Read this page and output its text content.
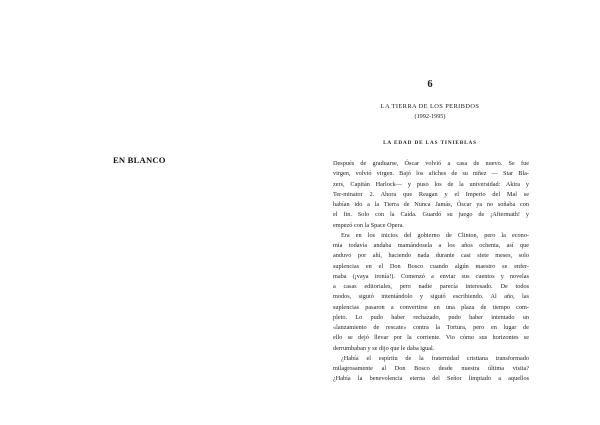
EN BLANCO
6
LA TIERRA DE LOS PERIBDOS
(1992-1995)
LA EDAD DE LAS TINIEBLAS
Después de graduarse, Óscar volvió a casa de nuevo. Se fue
virgen, volvió virgen. Bajó los afiches de su niñez — Star Bla-
zers, Capitán Harlock— y puso los de la universidad: Akira y
Ter-minator 2. Ahora que Reagan y el Imperio del Mal se
habían ido a la Tierra de Nunca Jamás, Óscar ya no soñaba con
el fin. Solo con la Caída. Guardó su juego de ¡Aftermath! y
empezó con la Space Opera.
Era en los inicios del gobierno de Clinton, pero la econo-
mía todavía andaba mamándosela a los años ochenta, así que
anduvo por ahí, haciendo nada durante casi siete meses, solo
suplencias en el Don Bosco cuando algún maestro se enfer-
maba (¡vaya ironía!). Comenzó a enviar sus cuentos y novelas
a casas editoriales, pero nadie parecía interesado. De todos
modos, siguió intentándolo y siguió escribiendo. Al año, las
suplencias pasaron a convertirse en una plaza de tiempo com-
pleto. Lo pudo haber rechazado, pudo haber intentado un
«lanzamiento de rescate» contra la Tortura, pero en lugar de
ello se dejó llevar por la corriente. Vio cómo sus horizontes se
derrumbaban y se dijo que le daba igual.
¿Había el espíritu de la fraternidad cristiana transformado
milagrosamente al Don Bosco desde nuestra última visita?
¿Había la benevolencia eterna del Señor limpiado a aquellos
